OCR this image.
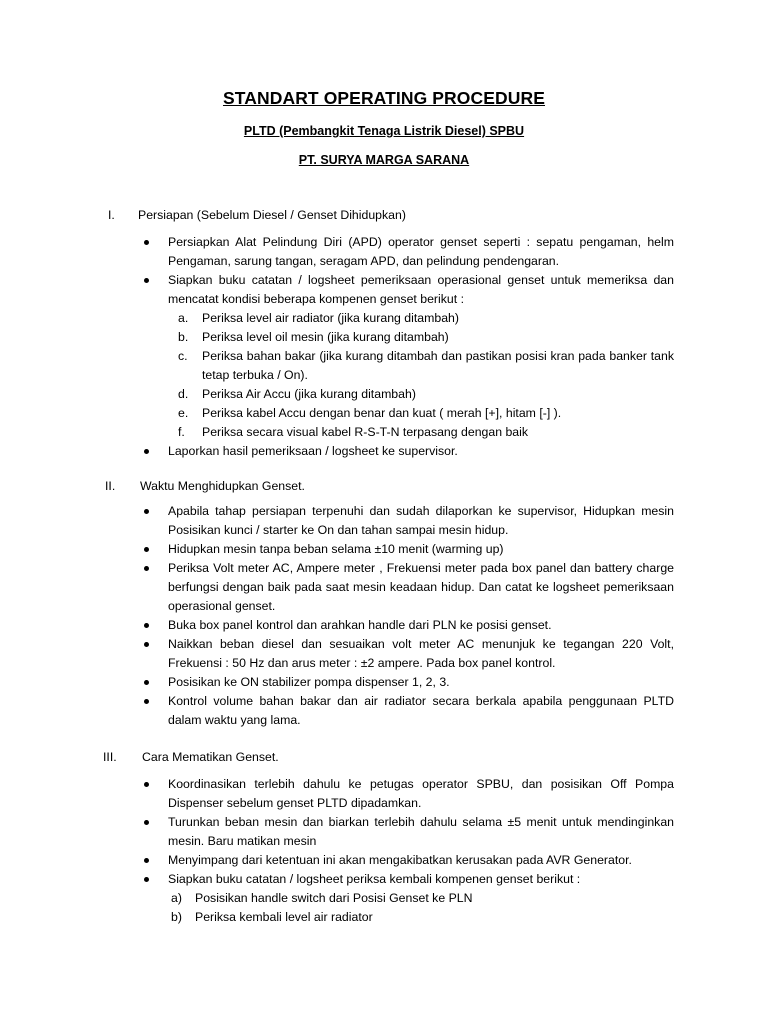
STANDART OPERATING PROCEDURE
PLTD (Pembangkit Tenaga Listrik Diesel) SPBU
PT. SURYA MARGA SARANA
I. Persiapan (Sebelum Diesel / Genset Dihidupkan)
Persiapkan Alat Pelindung Diri (APD) operator genset seperti : sepatu pengaman, helm Pengaman, sarung tangan, seragam APD, dan pelindung pendengaran.
Siapkan buku catatan / logsheet pemeriksaan operasional genset untuk memeriksa dan mencatat kondisi beberapa kompenen genset berikut :
a. Periksa level air radiator (jika kurang ditambah)
b. Periksa level oil mesin (jika kurang ditambah)
c. Periksa bahan bakar (jika kurang ditambah dan pastikan posisi kran pada banker tank tetap terbuka / On).
d. Periksa Air Accu (jika kurang ditambah)
e. Periksa kabel Accu dengan benar dan kuat ( merah [+], hitam [-] ).
f. Periksa secara visual kabel R-S-T-N terpasang dengan baik
Laporkan hasil pemeriksaan / logsheet ke supervisor.
II. Waktu Menghidupkan Genset.
Apabila tahap persiapan terpenuhi dan sudah dilaporkan ke supervisor, Hidupkan mesin Posisikan kunci / starter ke On dan tahan sampai mesin hidup.
Hidupkan mesin tanpa beban selama ±10 menit (warming up)
Periksa Volt meter AC, Ampere meter , Frekuensi meter pada box panel dan battery charge berfungsi dengan baik pada saat mesin keadaan hidup. Dan catat ke logsheet pemeriksaan operasional genset.
Buka box panel kontrol dan arahkan handle dari PLN ke posisi genset.
Naikkan beban diesel dan sesuaikan volt meter AC menunjuk ke tegangan 220 Volt, Frekuensi : 50 Hz dan arus meter : ±2 ampere. Pada box panel kontrol.
Posisikan ke ON stabilizer pompa dispenser 1, 2, 3.
Kontrol volume bahan bakar dan air radiator secara berkala apabila penggunaan PLTD dalam waktu yang lama.
III. Cara Mematikan Genset.
Koordinasikan terlebih dahulu ke petugas operator SPBU, dan posisikan Off Pompa Dispenser sebelum genset PLTD dipadamkan.
Turunkan beban mesin dan biarkan terlebih dahulu selama ±5 menit untuk mendinginkan mesin. Baru matikan mesin
Menyimpang dari ketentuan ini akan mengakibatkan kerusakan pada AVR Generator.
Siapkan buku catatan / logsheet periksa kembali kompenen genset berikut :
a) Posisikan handle switch dari Posisi Genset ke PLN
b) Periksa kembali level air radiator
